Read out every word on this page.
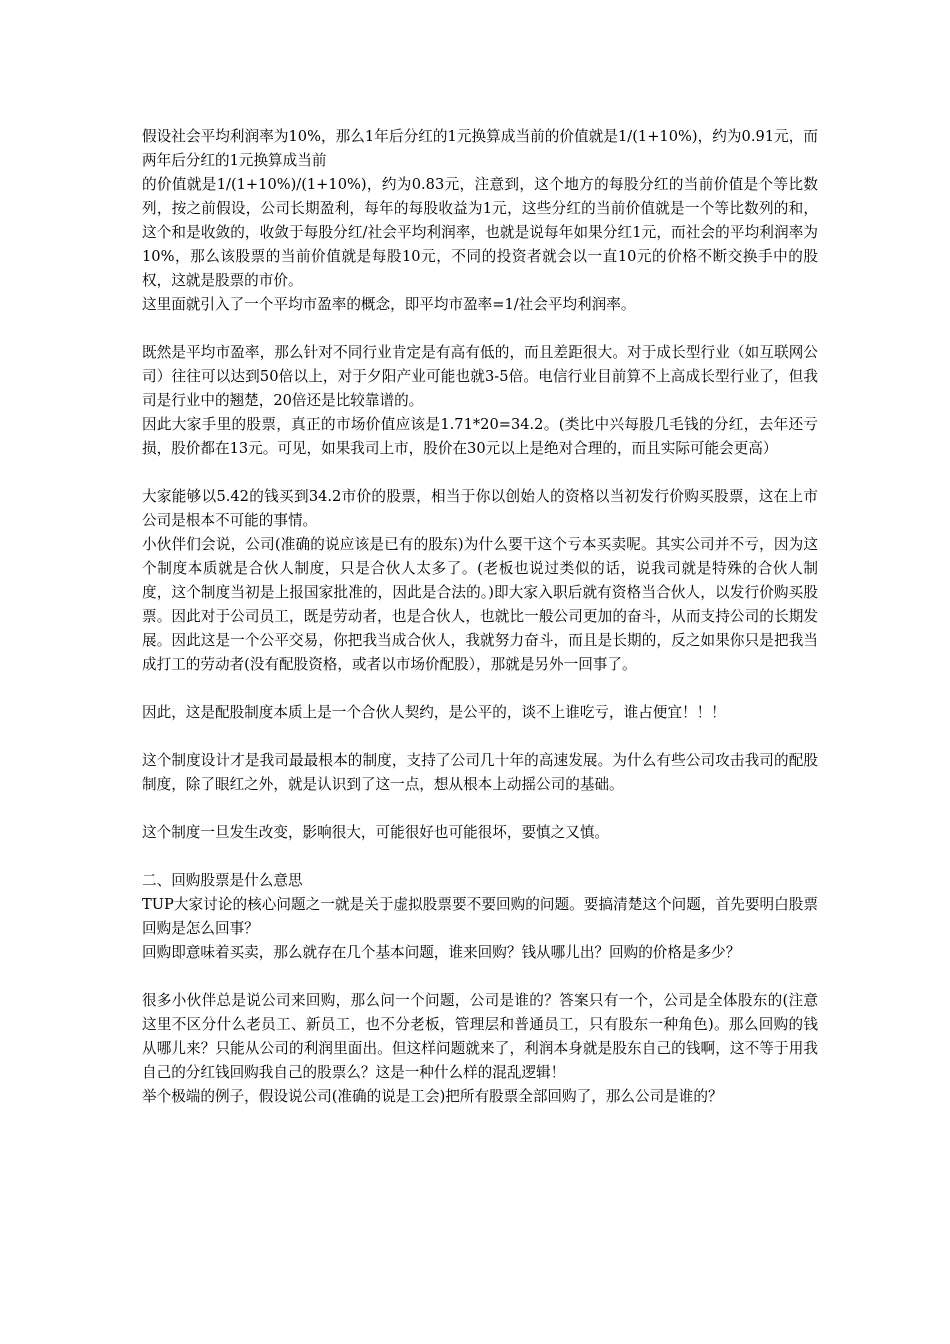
假设社会平均利润率为10%，那么1年后分红的1元换算成当前的价值就是1/(1+10%)，约为0.91元，而两年后分红的1元换算成当前

的价值就是1/(1+10%)/(1+10%)，约为0.83元，注意到，这个地方的每股分红的当前价值是个等比数列，按之前假设，公司长期盈利，每年的每股收益为1元，这些分红的当前价值就是一个等比数列的和，这个和是收敛的，收敛于每股分红/社会平均利润率，也就是说每年如果分红1元，而社会的平均利润率为10%，那么该股票的当前价值就是每股10元，不同的投资者就会以一直10元的价格不断交换手中的股权，这就是股票的市价。

这里面就引入了一个平均市盈率的概念，即平均市盈率=1/社会平均利润率。

既然是平均市盈率，那么针对不同行业肯定是有高有低的，而且差距很大。对于成长型行业（如互联网公司）往往可以达到50倍以上，对于夕阳产业可能也就3-5倍。电信行业目前算不上高成长型行业了，但我司是行业中的翘楚，20倍还是比较靠谱的。

因此大家手里的股票，真正的市场价值应该是1.71*20=34.2。(类比中兴每股几毛钱的分红，去年还亏损，股价都在13元。可见，如果我司上市，股价在30元以上是绝对合理的，而且实际可能会更高）

大家能够以5.42的钱买到34.2市价的股票，相当于你以创始人的资格以当初发行价购买股票，这在上市公司是根本不可能的事情。

小伙伴们会说，公司(准确的说应该是已有的股东)为什么要干这个亏本买卖呢。其实公司并不亏，因为这个制度本质就是合伙人制度，只是合伙人太多了。(老板也说过类似的话，说我司就是特殊的合伙人制度，这个制度当初是上报国家批准的，因此是合法的。)即大家入职后就有资格当合伙人，以发行价购买股票。因此对于公司员工，既是劳动者，也是合伙人，也就比一般公司更加的奋斗，从而支持公司的长期发展。因此这是一个公平交易，你把我当成合伙人，我就努力奋斗，而且是长期的，反之如果你只是把我当成打工的劳动者(没有配股资格，或者以市场价配股），那就是另外一回事了。

因此，这是配股制度本质上是一个合伙人契约，是公平的，谈不上谁吃亏，谁占便宜！！！

这个制度设计才是我司最最根本的制度，支持了公司几十年的高速发展。为什么有些公司攻击我司的配股制度，除了眼红之外，就是认识到了这一点，想从根本上动摇公司的基础。

这个制度一旦发生改变，影响很大，可能很好也可能很坏，要慎之又慎。

二、回购股票是什么意思

TUP大家讨论的核心问题之一就是关于虚拟股票要不要回购的问题。要搞清楚这个问题，首先要明白股票回购是怎么回事？

回购即意味着买卖，那么就存在几个基本问题，谁来回购？钱从哪儿出？回购的价格是多少？

很多小伙伴总是说公司来回购，那么问一个问题，公司是谁的？答案只有一个，公司是全体股东的(注意这里不区分什么老员工、新员工，也不分老板，管理层和普通员工，只有股东一种角色)。那么回购的钱从哪儿来？只能从公司的利润里面出。但这样问题就来了，利润本身就是股东自己的钱啊，这不等于用我自己的分红钱回购我自己的股票么？这是一种什么样的混乱逻辑！

举个极端的例子，假设说公司(准确的说是工会)把所有股票全部回购了，那么公司是谁的？
